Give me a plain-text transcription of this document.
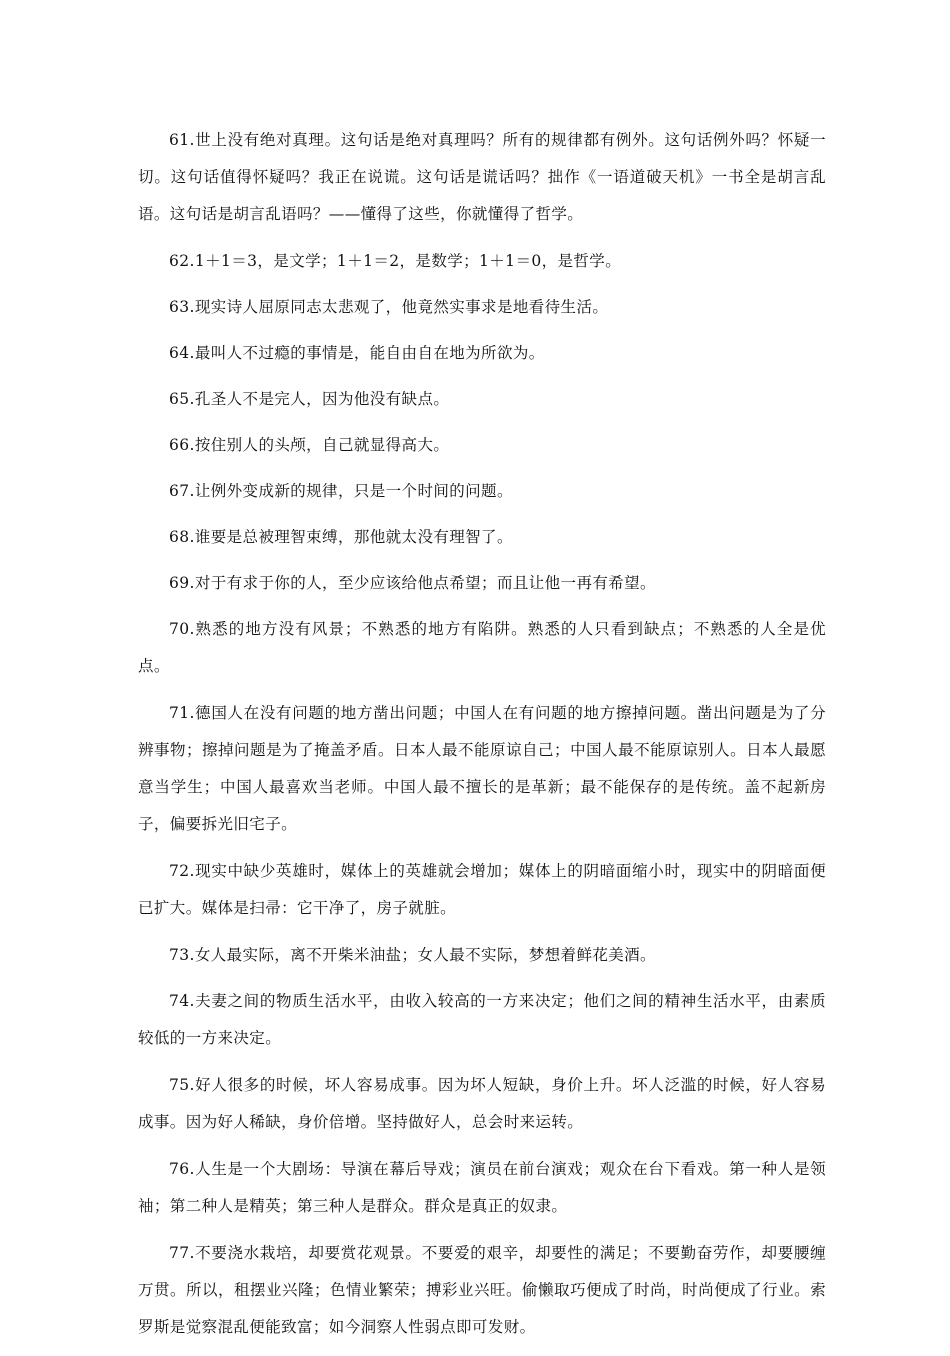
61.世上没有绝对真理。这句话是绝对真理吗？所有的规律都有例外。这句话例外吗？怀疑一切。这句话值得怀疑吗？我正在说谎。这句话是谎话吗？拙作《一语道破天机》一书全是胡言乱语。这句话是胡言乱语吗？——懂得了这些，你就懂得了哲学。

62.1＋1＝3，是文学；1＋1＝2，是数学；1＋1＝0，是哲学。

63.现实诗人屈原同志太悲观了，他竟然实事求是地看待生活。

64.最叫人不过瘾的事情是，能自由自在地为所欲为。

65.孔圣人不是完人，因为他没有缺点。

66.按住别人的头颅，自己就显得高大。

67.让例外变成新的规律，只是一个时间的问题。

68.谁要是总被理智束缚，那他就太没有理智了。

69.对于有求于你的人，至少应该给他点希望；而且让他一再有希望。

70.熟悉的地方没有风景；不熟悉的地方有陷阱。熟悉的人只看到缺点；不熟悉的人全是优点。

71.德国人在没有问题的地方凿出问题；中国人在有问题的地方擦掉问题。凿出问题是为了分辨事物；擦掉问题是为了掩盖矛盾。日本人最不能原谅自己；中国人最不能原谅别人。日本人最愿意当学生；中国人最喜欢当老师。中国人最不擅长的是革新；最不能保存的是传统。盖不起新房子，偏要拆光旧宅子。

72.现实中缺少英雄时，媒体上的英雄就会增加；媒体上的阴暗面缩小时，现实中的阴暗面便已扩大。媒体是扫帚：它干净了，房子就脏。

73.女人最实际，离不开柴米油盐；女人最不实际，梦想着鲜花美酒。

74.夫妻之间的物质生活水平，由收入较高的一方来决定；他们之间的精神生活水平，由素质较低的一方来决定。

75.好人很多的时候，坏人容易成事。因为坏人短缺，身价上升。坏人泛滥的时候，好人容易成事。因为好人稀缺，身价倍增。坚持做好人，总会时来运转。

76.人生是一个大剧场：导演在幕后导戏；演员在前台演戏；观众在台下看戏。第一种人是领袖；第二种人是精英；第三种人是群众。群众是真正的奴隶。

77.不要浇水栽培，却要赏花观景。不要爱的艰辛，却要性的满足；不要勤奋劳作，却要腰缠万贯。所以，租摆业兴隆；色情业繁荣；搏彩业兴旺。偷懒取巧便成了时尚，时尚便成了行业。索罗斯是觉察混乱便能致富；如今洞察人性弱点即可发财。
